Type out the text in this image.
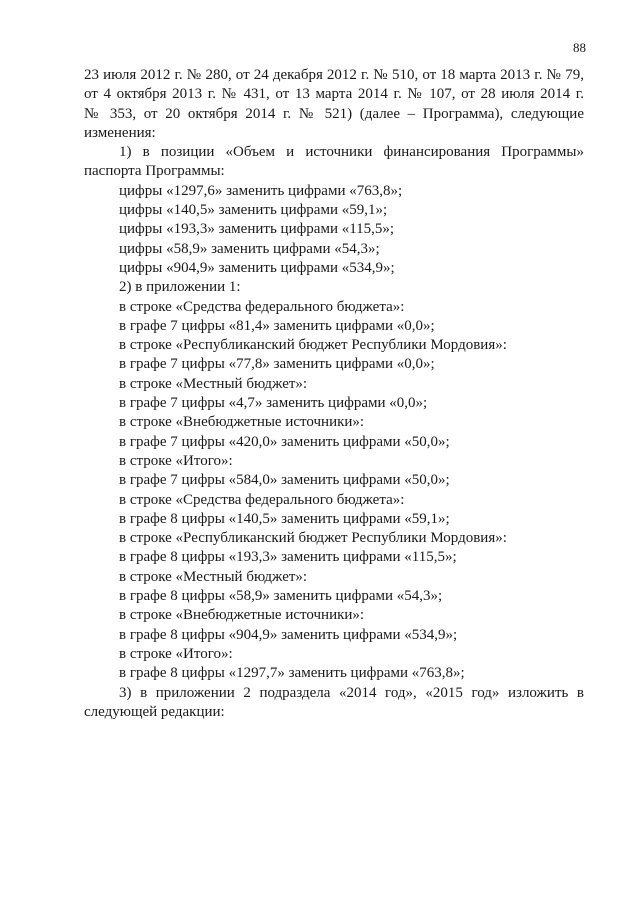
88

23 июля 2012 г. № 280, от 24 декабря 2012 г. № 510, от 18 марта 2013 г. № 79,

от 4 октября 2013 г. № 431, от 13 марта 2014 г. № 107, от 28 июля 2014 г.

№ 353, от 20 октября 2014 г. № 521) (далее – Программа), следующие

изменения:

1) в позиции «Объем и источники финансирования Программы»

паспорта Программы:

цифры «1297,6» заменить цифрами «763,8»;

цифры «140,5» заменить цифрами «59,1»;

цифры «193,3» заменить цифрами «115,5»;

цифры «58,9» заменить цифрами «54,3»;

цифры «904,9» заменить цифрами «534,9»;

2) в приложении 1:

в строке «Средства федерального бюджета»:

в графе 7 цифры «81,4» заменить цифрами «0,0»;

в строке «Республиканский бюджет Республики Мордовия»:

в графе 7 цифры «77,8» заменить цифрами «0,0»;

в строке «Местный бюджет»:

в графе 7 цифры «4,7» заменить цифрами «0,0»;

в строке «Внебюджетные источники»:

в графе 7 цифры «420,0» заменить цифрами «50,0»;

в строке «Итого»:

в графе 7 цифры «584,0» заменить цифрами «50,0»;

в строке «Средства федерального бюджета»:

в графе 8 цифры «140,5» заменить цифрами «59,1»;

в строке «Республиканский бюджет Республики Мордовия»:

в графе 8 цифры «193,3» заменить цифрами «115,5»;

в строке «Местный бюджет»:

в графе 8 цифры «58,9» заменить цифрами «54,3»;

в строке «Внебюджетные источники»:

в графе 8 цифры «904,9» заменить цифрами «534,9»;

в строке «Итого»:

в графе 8 цифры «1297,7» заменить цифрами «763,8»;

3) в приложении 2 подраздела «2014 год», «2015 год» изложить в

следующей редакции:
